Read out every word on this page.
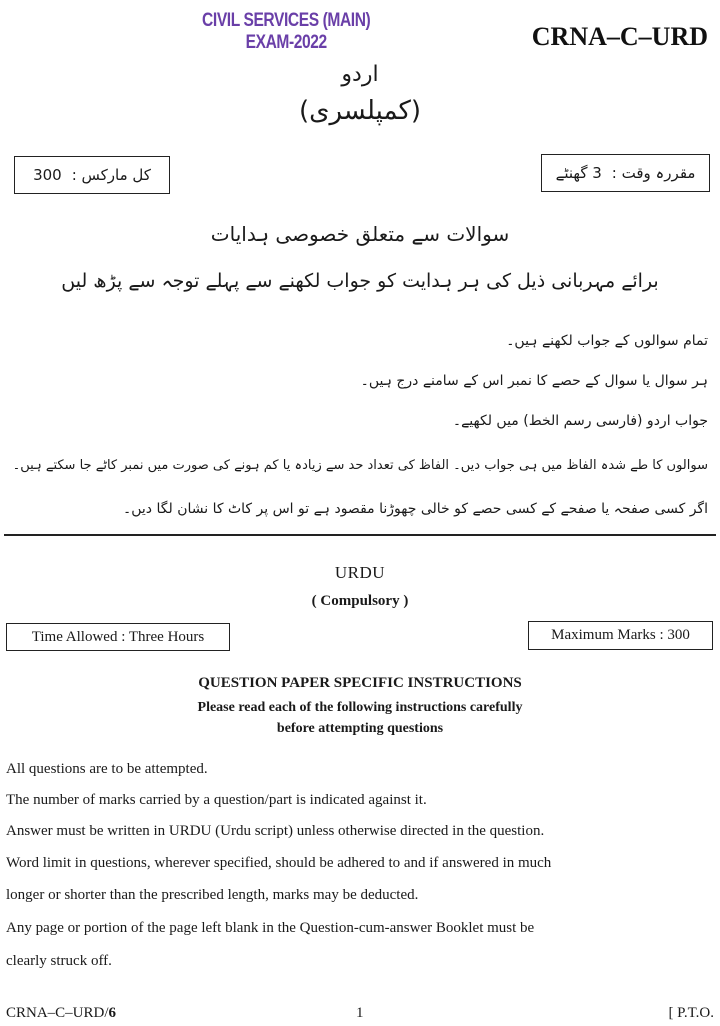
CIVIL SERVICES (MAIN) EXAM-2022	CRNA–C–URD
اردو
(کمپلسری)
کل مارکس :
300	مقررہ وقت :
3 گھنٹے
سوالات سے متعلق خصوصی ہدایات
برائے مہربانی ذیل کی ہر ہدایت کو جواب لکھنے سے پہلے توجہ سے پڑھ لیں
تمام سوالوں کے جواب لکھنے ہیں۔
ہر سوال یا سوال کے حصے کا نمبر اس کے سامنے درج ہیں۔
جواب اردو (فارسی رسم الخط) میں لکھیے۔
سوالوں کا طے شدہ الفاظ میں ہی جواب دیں۔ الفاظ کی تعداد حد سے زیادہ یا کم ہونے کی صورت میں نمبر کاٹے جا سکتے ہیں۔
اگر کسی صفحہ یا صفحے کے کسی حصے کو خالی چھوڑنا مقصود ہے تو اس پر کاٹ کا نشان لگا دیں۔
URDU
( Compulsory )
Time Allowed : Three Hours	Maximum Marks : 300
QUESTION PAPER SPECIFIC INSTRUCTIONS
Please read each of the following instructions carefully
before attempting questions
All questions are to be attempted.
The number of marks carried by a question/part is indicated against it.
Answer must be written in URDU (Urdu script) unless otherwise directed in the question.
Word limit in questions, wherever specified, should be adhered to and if answered in much
longer or shorter than the prescribed length, marks may be deducted.
Any page or portion of the page left blank in the Question-cum-answer Booklet must be
clearly struck off.
CRNA–C–URD/6	1	[ P.T.O.
